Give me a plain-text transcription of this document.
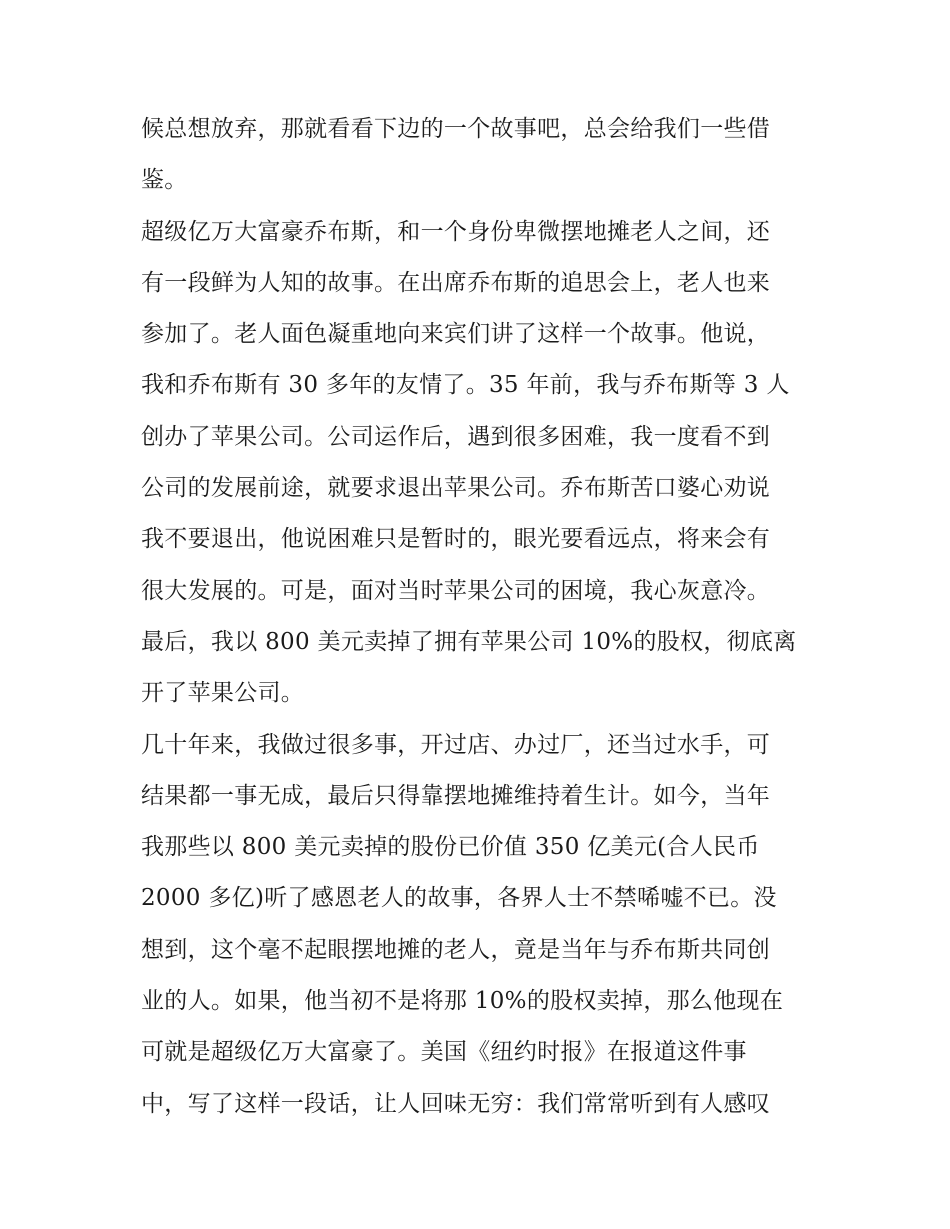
候总想放弃，那就看看下边的一个故事吧，总会给我们一些借
鉴。
超级亿万大富豪乔布斯，和一个身份卑微摆地摊老人之间，还
有一段鲜为人知的故事。在出席乔布斯的追思会上，老人也来
参加了。老人面色凝重地向来宾们讲了这样一个故事。他说，
我和乔布斯有 30 多年的友情了。35 年前，我与乔布斯等 3 人
创办了苹果公司。公司运作后，遇到很多困难，我一度看不到
公司的发展前途，就要求退出苹果公司。乔布斯苦口婆心劝说
我不要退出，他说困难只是暂时的，眼光要看远点，将来会有
很大发展的。可是，面对当时苹果公司的困境，我心灰意冷。
最后，我以 800 美元卖掉了拥有苹果公司 10%的股权，彻底离
开了苹果公司。
几十年来，我做过很多事，开过店、办过厂，还当过水手，可
结果都一事无成，最后只得靠摆地摊维持着生计。如今，当年
我那些以 800 美元卖掉的股份已价值 350 亿美元(合人民币
2000 多亿)听了感恩老人的故事，各界人士不禁唏嘘不已。没
想到，这个毫不起眼摆地摊的老人，竟是当年与乔布斯共同创
业的人。如果，他当初不是将那 10%的股权卖掉，那么他现在
可就是超级亿万大富豪了。美国《纽约时报》在报道这件事
中，写了这样一段话，让人回味无穷：我们常常听到有人感叹
